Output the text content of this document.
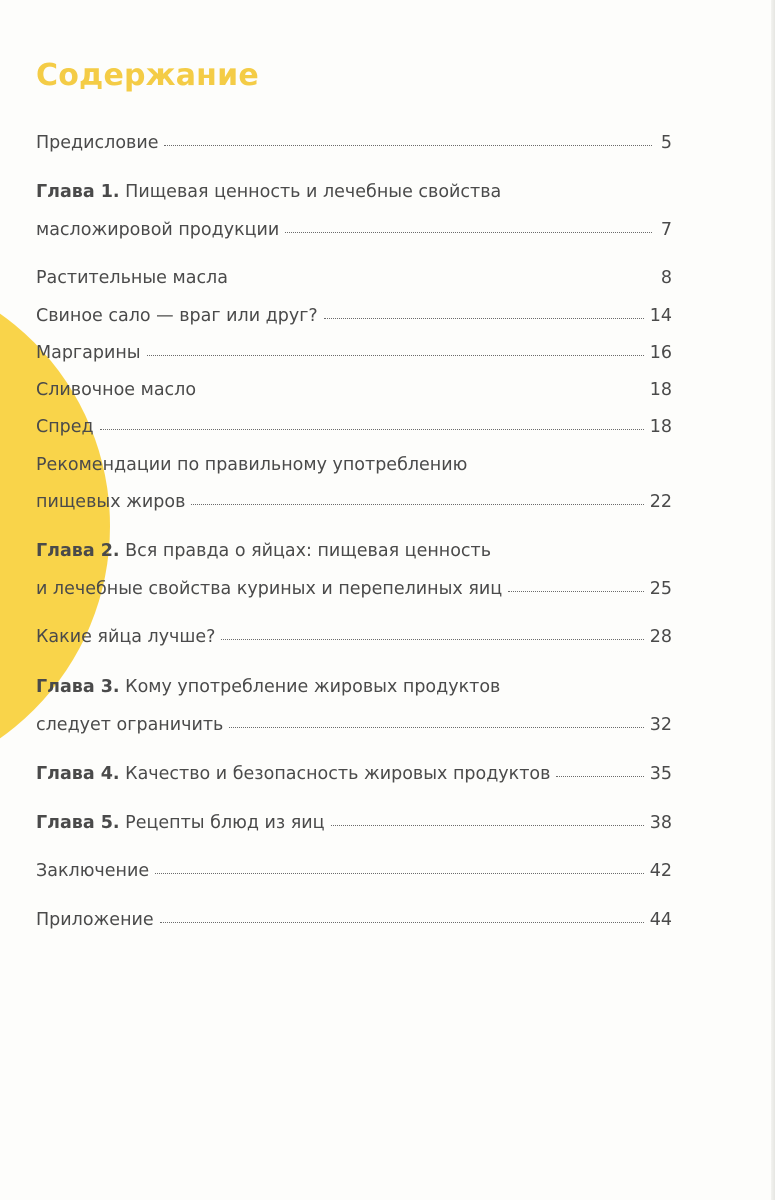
Содержание
Предисловие	5
Глава 1. Пищевая ценность и лечебные свойства
масложировой продукции	7
Растительные масла	8
Свиное сало — враг или друг?	14
Маргарины	16
Сливочное масло	18
Спред	18
Рекомендации по правильному употреблению
пищевых жиров	22
Глава 2. Вся правда о яйцах: пищевая ценность
и лечебные свойства куриных и перепелиных яиц	25
Какие яйца лучше?	28
Глава 3. Кому употребление жировых продуктов
следует ограничить	32
Глава 4. Качество и безопасность жировых продуктов	35
Глава 5. Рецепты блюд из яиц	38
Заключение	42
Приложение	44
